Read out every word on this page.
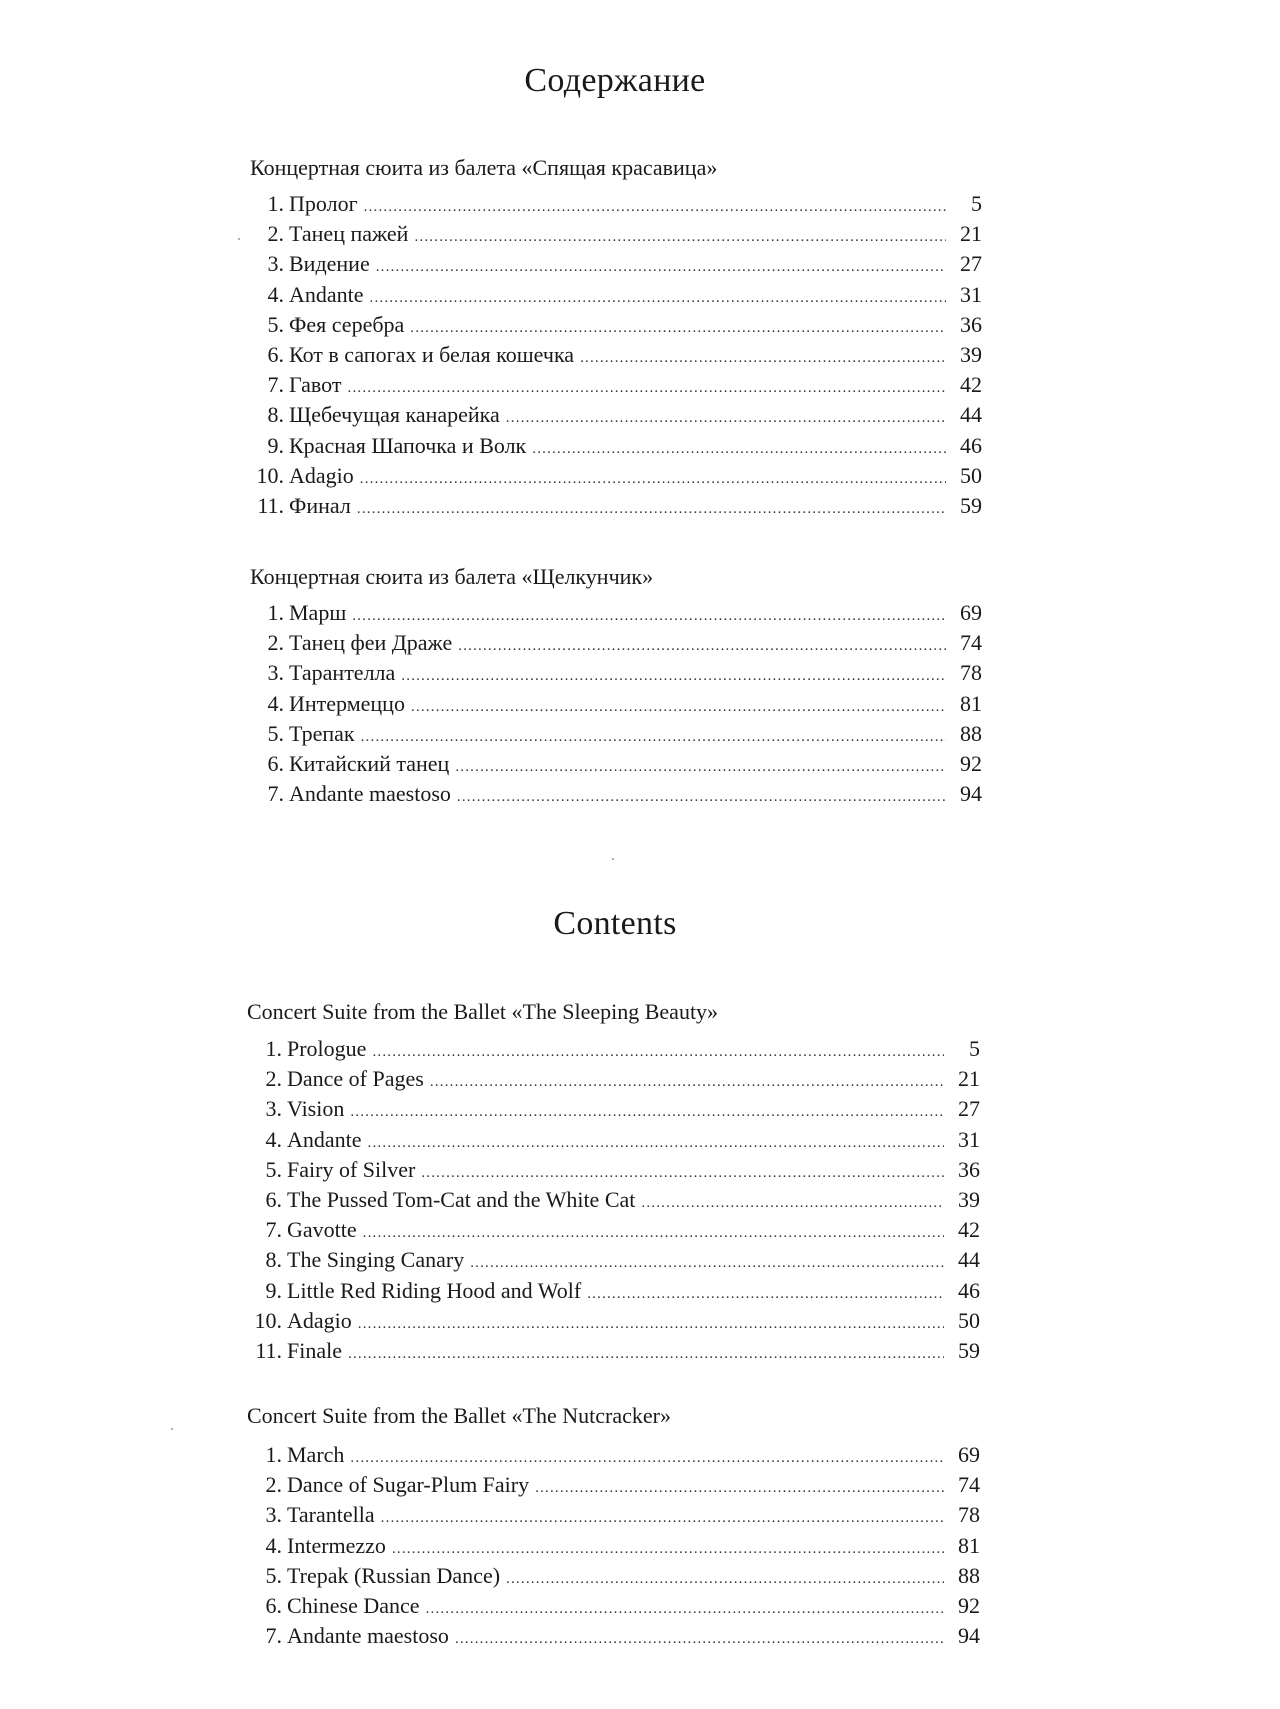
Содержание
Концертная сюита из балета «Спящая красавица»
1. Пролог .....	5
2. Танец пажей .....	21
3. Видение .....	27
4. Andante .....	31
5. Фея серебра .....	36
6. Кот в сапогах и белая кошечка .....	39
7. Гавот .....	42
8. Щебечущая канарейка .....	44
9. Красная Шапочка и Волк .....	46
10. Adagio .....	50
11. Финал .....	59
Концертная сюита из балета «Щелкунчик»
1. Марш .....	69
2. Танец феи Драже .....	74
3. Тарантелла .....	78
4. Интермеццо .....	81
5. Трепак .....	88
6. Китайский танец .....	92
7. Andante maestoso .....	94
Contents
Concert Suite from the Ballet «The Sleeping Beauty»
1. Prologue .....	5
2. Dance of Pages .....	21
3. Vision .....	27
4. Andante .....	31
5. Fairy of Silver .....	36
6. The Pussed Tom-Cat and the White Cat .....	39
7. Gavotte .....	42
8. The Singing Canary .....	44
9. Little Red Riding Hood and Wolf .....	46
10. Adagio .....	50
11. Finale .....	59
Concert Suite from the Ballet «The Nutcracker»
1. March .....	69
2. Dance of Sugar-Plum Fairy .....	74
3. Tarantella .....	78
4. Intermezzo .....	81
5. Trepak (Russian Dance) .....	88
6. Chinese Dance .....	92
7. Andante maestoso .....	94
